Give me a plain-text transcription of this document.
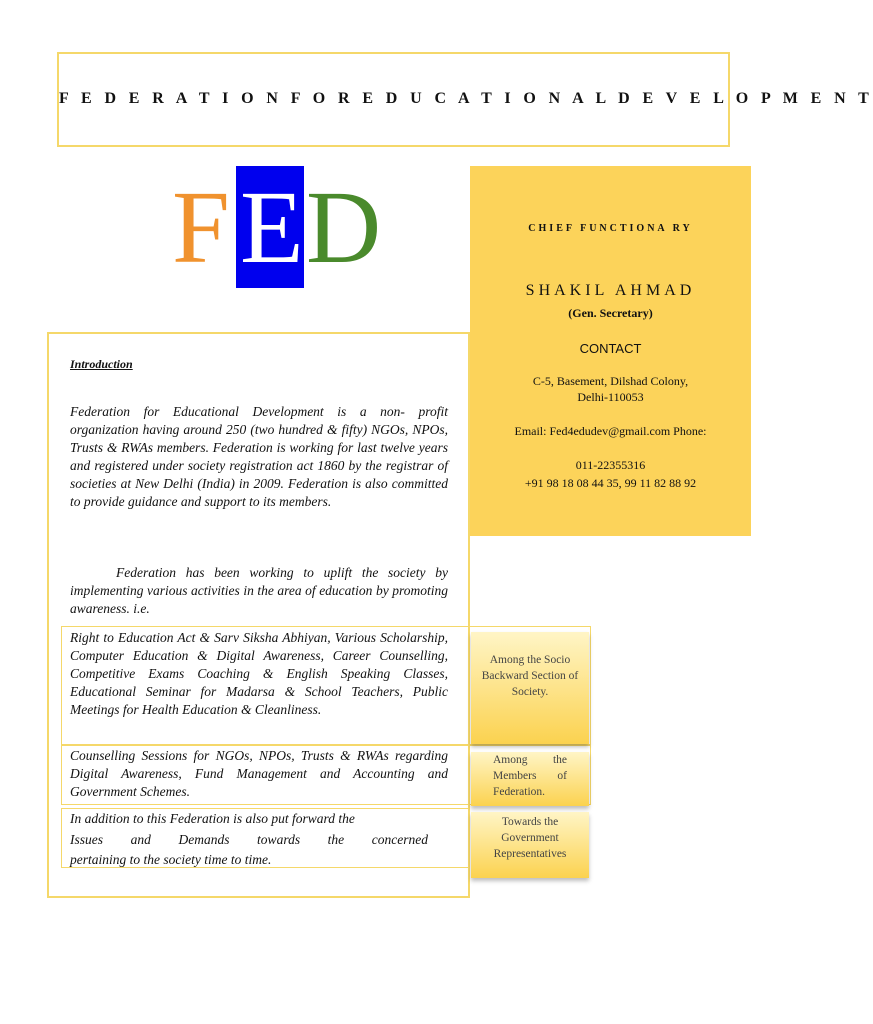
F E D E R A T I O N F O R E D U C A T I O N A L D E V E L O P M E N T
F E D	CHIEF FUNCTIONA RY
SHAKIL AHMAD
(Gen. Secretary)
CONTACT
C-5, Basement, Dilshad Colony,
Delhi-110053
Email: Fed4edudev@gmail.com Phone:
011-22355316
+91 98 18 08 44 35, 99 11 82 88 92
Introduction
Federation for Educational Development is a non- profit organization having around 250 (two hundred & fifty) NGOs, NPOs, Trusts & RWAs members. Federation is working for last twelve years and registered under society registration act 1860 by the registrar of societies at New Delhi (India) in 2009. Federation is also committed to provide guidance and support to its members.
Federation has been working to uplift the society by implementing various activities in the area of education by promoting awareness. i.e.
Right to Education Act & Sarv Siksha Abhiyan, Various Scholarship, Computer Education & Digital Awareness, Career Counselling, Competitive Exams Coaching & English Speaking Classes, Educational Seminar for Madarsa & School Teachers, Public Meetings for Health Education & Cleanliness.
Counselling Sessions for NGOs, NPOs, Trusts & RWAs regarding Digital Awareness, Fund Management and Accounting and Government Schemes.
In addition to this Federation is also put forward the
Issues and Demands towards the concerned
pertaining to the society time to time.
Among the Socio Backward Section of Society.
Among the Members of Federation.
Towards the Government Representatives
